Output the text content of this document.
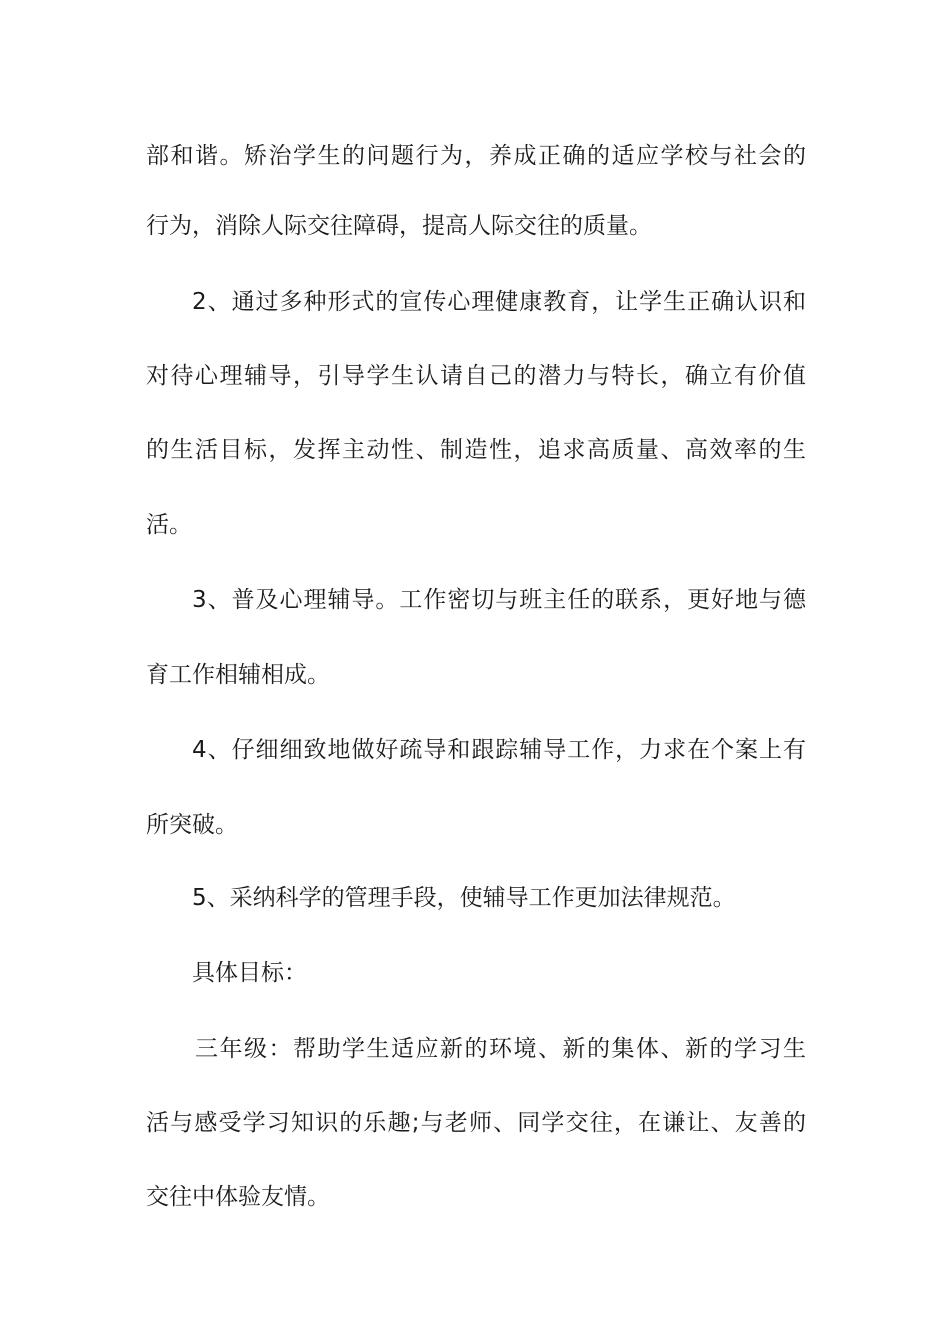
部和谐。矫治学生的问题行为，养成正确的适应学校与社会的
行为，消除人际交往障碍，提高人际交往的质量。
2、通过多种形式的宣传心理健康教育，让学生正确认识和
对待心理辅导，引导学生认请自己的潜力与特长，确立有价值
的生活目标，发挥主动性、制造性，追求高质量、高效率的生
活。
3、普及心理辅导。工作密切与班主任的联系，更好地与德
育工作相辅相成。
4、仔细细致地做好疏导和跟踪辅导工作，力求在个案上有
所突破。
5、采纳科学的管理手段，使辅导工作更加法律规范。
具体目标：
三年级：帮助学生适应新的环境、新的集体、新的学习生
活与感受学习知识的乐趣;与老师、同学交往，在谦让、友善的
交往中体验友情。
